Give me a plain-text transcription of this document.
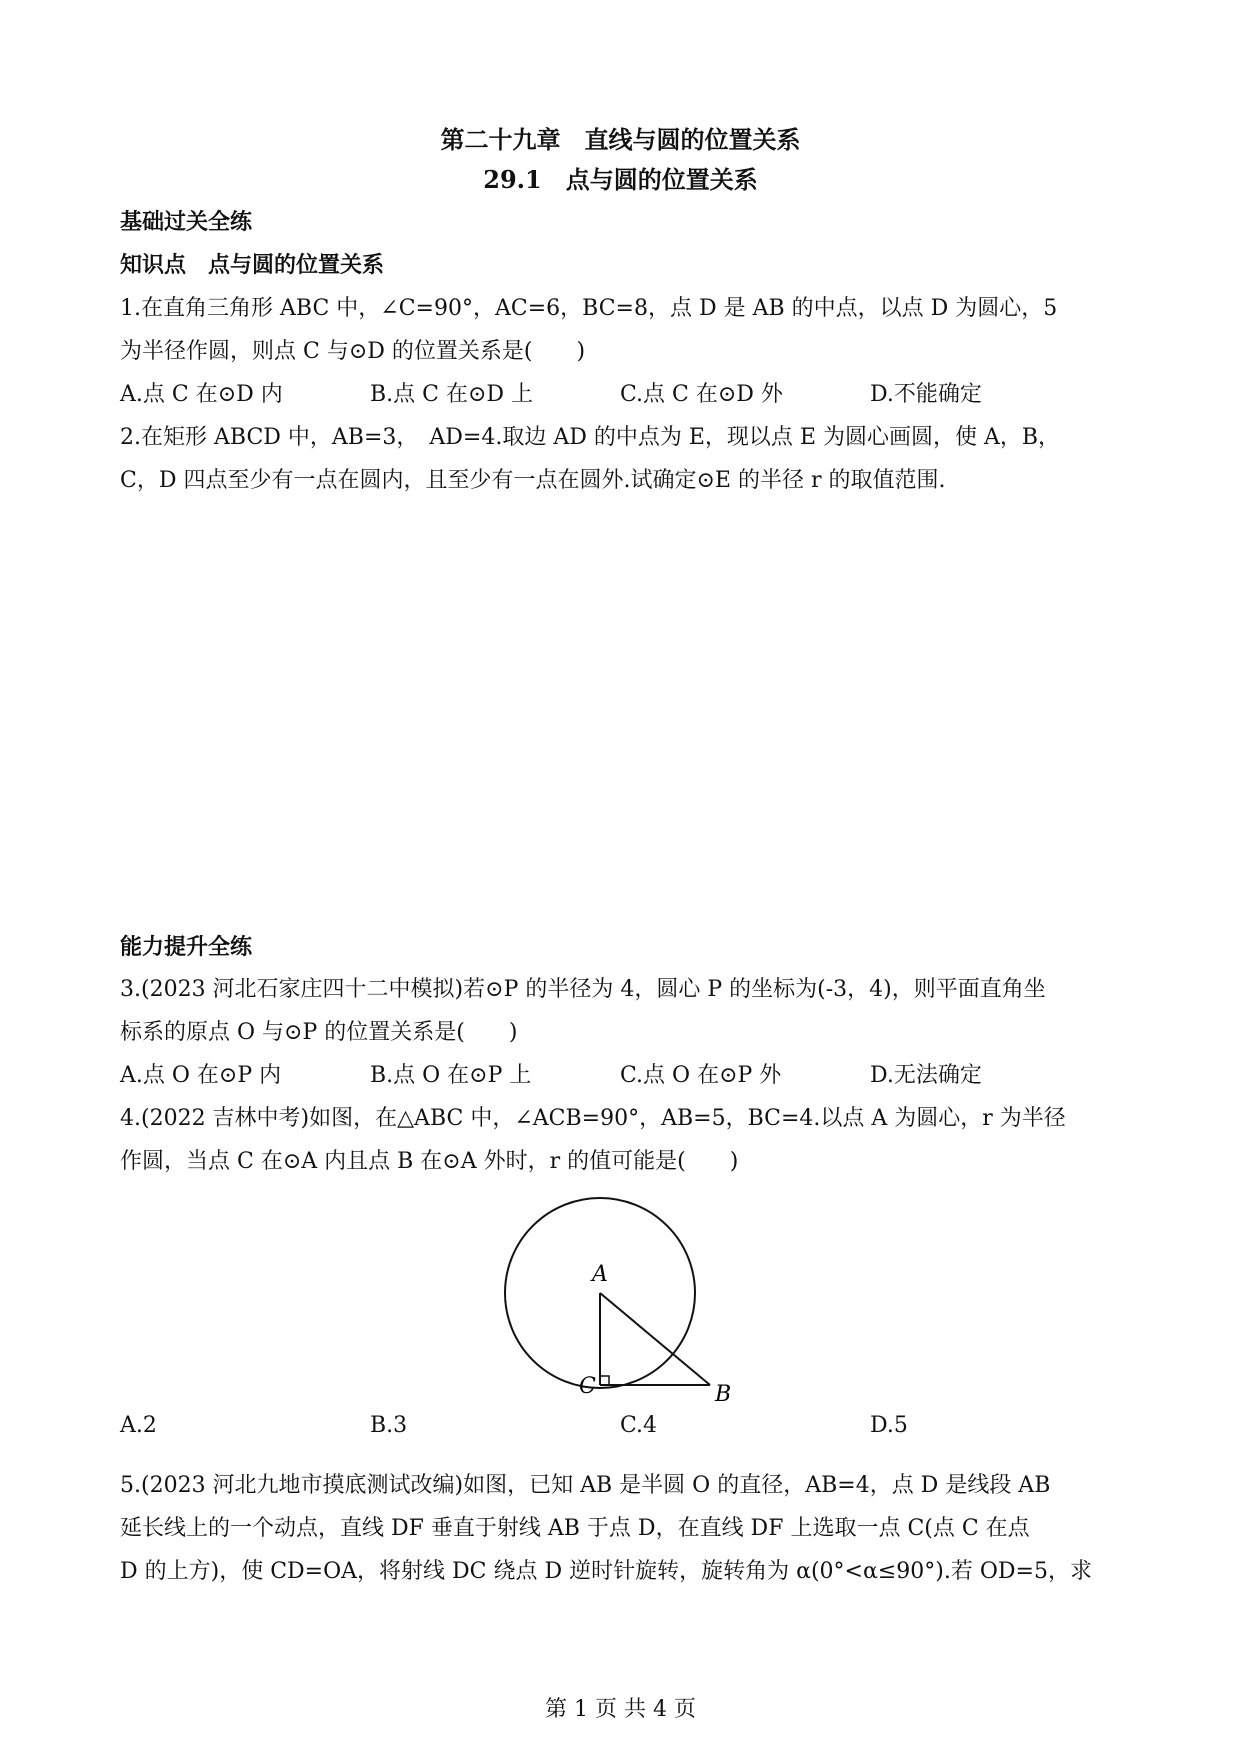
第二十九章　直线与圆的位置关系
29.1　点与圆的位置关系
基础过关全练
知识点　点与圆的位置关系
1.在直角三角形 ABC 中，∠C=90°，AC=6，BC=8，点 D 是 AB 的中点，以点 D 为圆心，5
为半径作圆，则点 C 与⊙D 的位置关系是(　　)
A.点 C 在⊙D 内	B.点 C 在⊙D 上	C.点 C 在⊙D 外	D.不能确定
2.在矩形 ABCD 中，AB=3，　AD=4.取边 AD 的中点为 E，现以点 E 为圆心画圆，使 A，B，
C，D 四点至少有一点在圆内，且至少有一点在圆外.试确定⊙E 的半径 r 的取值范围.
能力提升全练
3.(2023 河北石家庄四十二中模拟)若⊙P 的半径为 4，圆心 P 的坐标为(-3，4)，则平面直角坐
标系的原点 O 与⊙P 的位置关系是(　　)
A.点 O 在⊙P 内	B.点 O 在⊙P 上	C.点 O 在⊙P 外	D.无法确定
4.(2022 吉林中考)如图，在△ABC 中，∠ACB=90°，AB=5，BC=4.以点 A 为圆心，r 为半径
作圆，当点 C 在⊙A 内且点 B 在⊙A 外时，r 的值可能是(　　)
A
C	B
A.2	B.3	C.4	D.5
5.(2023 河北九地市摸底测试改编)如图，已知 AB 是半圆 O 的直径，AB=4，点 D 是线段 AB
延长线上的一个动点，直线 DF 垂直于射线 AB 于点 D，在直线 DF 上选取一点 C(点 C 在点
D 的上方)，使 CD=OA，将射线 DC 绕点 D 逆时针旋转，旋转角为 α(0°<α≤90°).若 OD=5，求
第 1 页 共 4 页
